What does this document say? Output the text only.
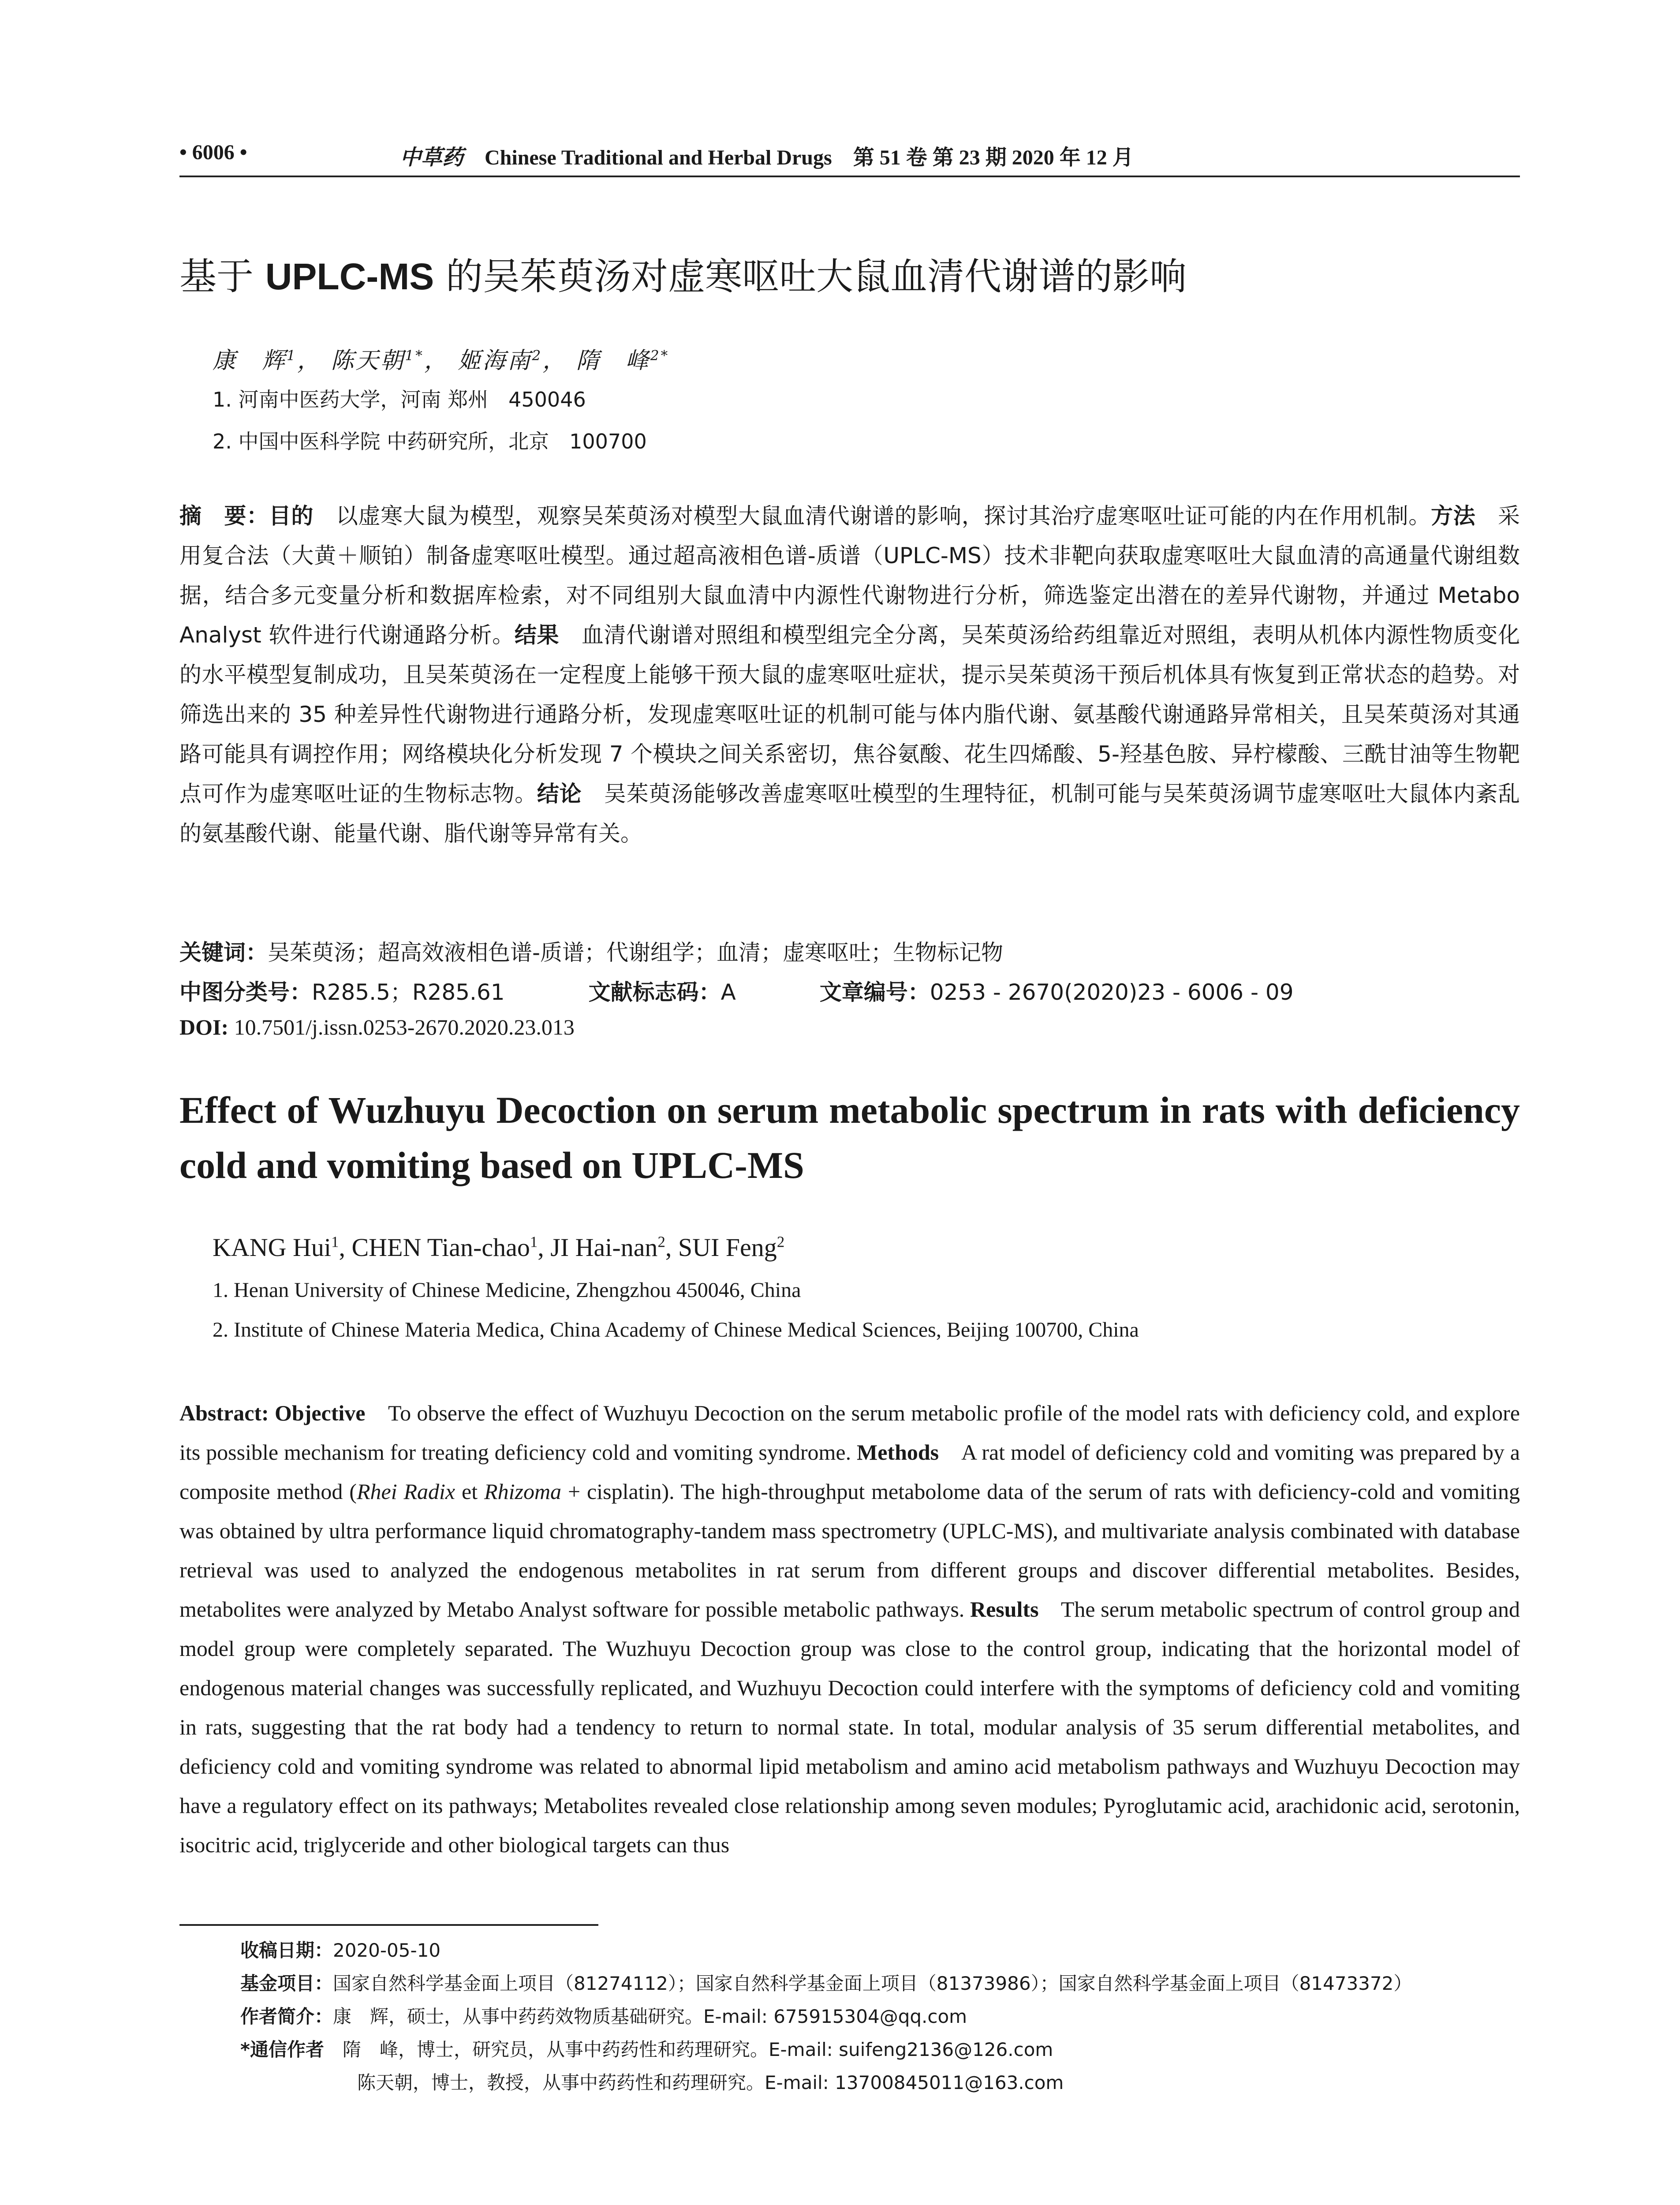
• 6006 •	中草药 Chinese Traditional and Herbal Drugs 第 51 卷 第 23 期 2020 年 12 月
基于 UPLC-MS 的吴茱萸汤对虚寒呕吐大鼠血清代谢谱的影响
康　辉$^1$， 陈天朝$^{1*}$， 姬海南$^2$， 隋　峰$^{2*}$
1. 河南中医药大学，河南 郑州　450046
2. 中国中医科学院 中药研究所，北京　100700
摘　要：目的　以虚寒大鼠为模型，观察吴茱萸汤对模型大鼠血清代谢谱的影响，探讨其治疗虚寒呕吐证可能的内在作用机制。方法　采用复合法（大黄＋顺铂）制备虚寒呕吐模型。通过超高液相色谱-质谱（UPLC-MS）技术非靶向获取虚寒呕吐大鼠血清的高通量代谢组数据，结合多元变量分析和数据库检索，对不同组别大鼠血清中内源性代谢物进行分析，筛选鉴定出潜在的差异代谢物，并通过 Metabo Analyst 软件进行代谢通路分析。结果　血清代谢谱对照组和模型组完全分离，吴茱萸汤给药组靠近对照组，表明从机体内源性物质变化的水平模型复制成功，且吴茱萸汤在一定程度上能够干预大鼠的虚寒呕吐症状，提示吴茱萸汤干预后机体具有恢复到正常状态的趋势。对筛选出来的 35 种差异性代谢物进行通路分析，发现虚寒呕吐证的机制可能与体内脂代谢、氨基酸代谢通路异常相关，且吴茱萸汤对其通路可能具有调控作用；网络模块化分析发现 7 个模块之间关系密切，焦谷氨酸、花生四烯酸、5-羟基色胺、异柠檬酸、三酰甘油等生物靶点可作为虚寒呕吐证的生物标志物。结论　吴茱萸汤能够改善虚寒呕吐模型的生理特征，机制可能与吴茱萸汤调节虚寒呕吐大鼠体内紊乱的氨基酸代谢、能量代谢、脂代谢等异常有关。
关键词：吴茱萸汤；超高效液相色谱-质谱；代谢组学；血清；虚寒呕吐；生物标记物
中图分类号：R285.5；R285.61	文献标志码：A	文章编号：0253 - 2670(2020)23 - 6006 - 09
DOI: 10.7501/j.issn.0253-2670.2020.23.013
Effect of Wuzhuyu Decoction on serum metabolic spectrum in rats with deficiency cold and vomiting based on UPLC-MS
KANG Hui$^1$, CHEN Tian-chao$^1$, JI Hai-nan$^2$, SUI Feng$^2$
1. Henan University of Chinese Medicine, Zhengzhou 450046, China
2. Institute of Chinese Materia Medica, China Academy of Chinese Medical Sciences, Beijing 100700, China
Abstract: Objective　To observe the effect of Wuzhuyu Decoction on the serum metabolic profile of the model rats with deficiency cold, and explore its possible mechanism for treating deficiency cold and vomiting syndrome. Methods　A rat model of deficiency cold and vomiting was prepared by a composite method (Rhei Radix et Rhizoma + cisplatin). The high-throughput metabolome data of the serum of rats with deficiency-cold and vomiting was obtained by ultra performance liquid chromatography-tandem mass spectrometry (UPLC-MS), and multivariate analysis combinated with database retrieval was used to analyzed the endogenous metabolites in rat serum from different groups and discover differential metabolites. Besides, metabolites were analyzed by Metabo Analyst software for possible metabolic pathways. Results　The serum metabolic spectrum of control group and model group were completely separated. The Wuzhuyu Decoction group was close to the control group, indicating that the horizontal model of endogenous material changes was successfully replicated, and Wuzhuyu Decoction could interfere with the symptoms of deficiency cold and vomiting in rats, suggesting that the rat body had a tendency to return to normal state. In total, modular analysis of 35 serum differential metabolites, and deficiency cold and vomiting syndrome was related to abnormal lipid metabolism and amino acid metabolism pathways and Wuzhuyu Decoction may have a regulatory effect on its pathways; Metabolites revealed close relationship among seven modules; Pyroglutamic acid, arachidonic acid, serotonin, isocitric acid, triglyceride and other biological targets can thus
收稿日期：2020-05-10
基金项目：国家自然科学基金面上项目（81274112）；国家自然科学基金面上项目（81373986）；国家自然科学基金面上项目（81473372）
作者简介：康　辉，硕士，从事中药药效物质基础研究。E-mail: 675915304@qq.com
*通信作者　隋　峰，博士，研究员，从事中药药性和药理研究。E-mail: suifeng2136@126.com
陈天朝，博士，教授，从事中药药性和药理研究。E-mail: 13700845011@163.com
